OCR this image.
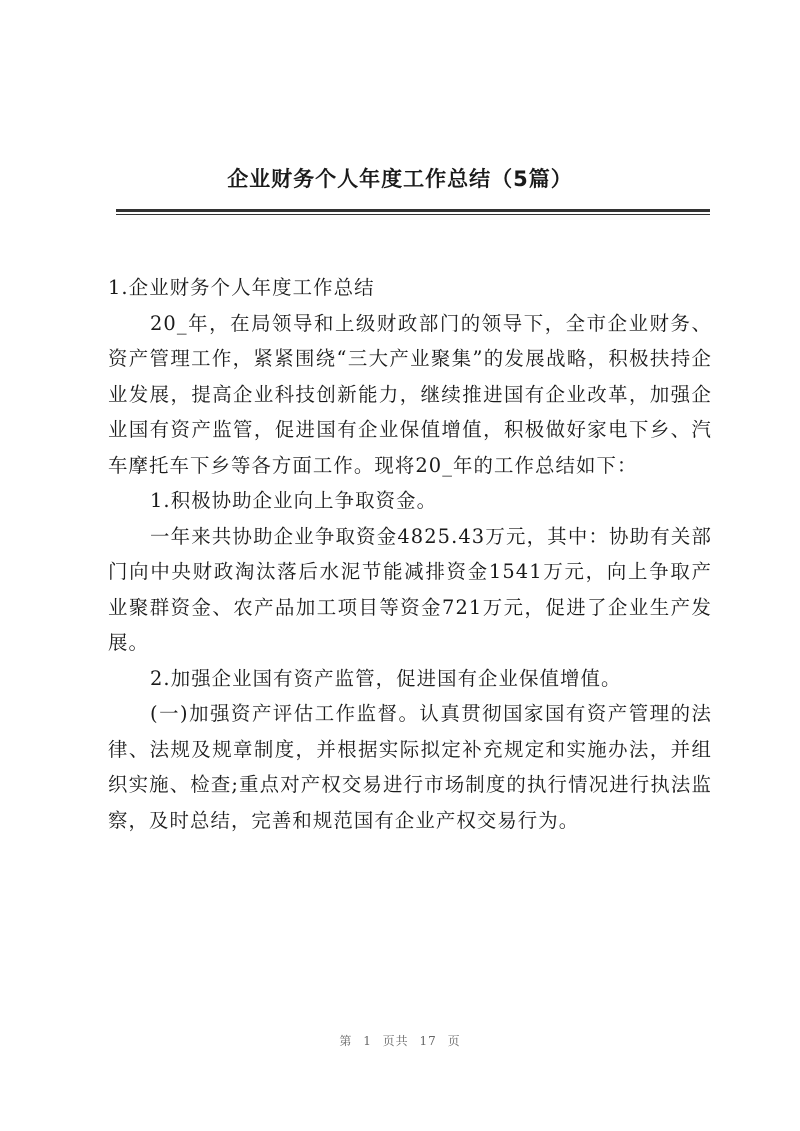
企业财务个人年度工作总结（5篇）

1.企业财务个人年度工作总结

20_年，在局领导和上级财政部门的领导下，全市企业财务、资产管理工作，紧紧围绕“三大产业聚集”的发展战略，积极扶持企业发展，提高企业科技创新能力，继续推进国有企业改革，加强企业国有资产监管，促进国有企业保值增值，积极做好家电下乡、汽车摩托车下乡等各方面工作。现将20_年的工作总结如下：

1.积极协助企业向上争取资金。

一年来共协助企业争取资金4825.43万元，其中：协助有关部门向中央财政淘汰落后水泥节能减排资金1541万元，向上争取产业聚群资金、农产品加工项目等资金721万元，促进了企业生产发展。

2.加强企业国有资产监管，促进国有企业保值增值。

(一)加强资产评估工作监督。认真贯彻国家国有资产管理的法律、法规及规章制度，并根据实际拟定补充规定和实施办法，并组织实施、检查;重点对产权交易进行市场制度的执行情况进行执法监察，及时总结，完善和规范国有企业产权交易行为。

第 1 页共 17 页
